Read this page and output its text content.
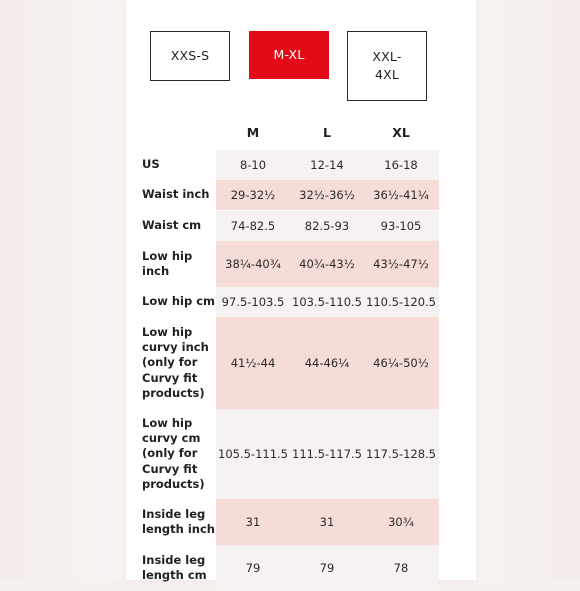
XXS-S	M-XL	XXL-
4XL
M	L	XL
US	8-10	12-14	16-18
Waist inch	29-32½	32½-36½	36½-41¼
Waist cm	74-82.5	82.5-93	93-105
Low hip
inch	38¼-40¾	40¾-43½	43½-47½
Low hip cm 97.5-103.5 103.5-110.5 110.5-120.5
Low hip
curvy inch
(only for
Curvy fit
products)
41½-44	44-46¼	46¼-50½
Low hip
curvy cm
(only for
Curvy fit
products)
105.5-111.5 111.5-117.5 117.5-128.5
Inside leg
length inch	31	31	30¾
Inside leg
length cm	79	79	78
